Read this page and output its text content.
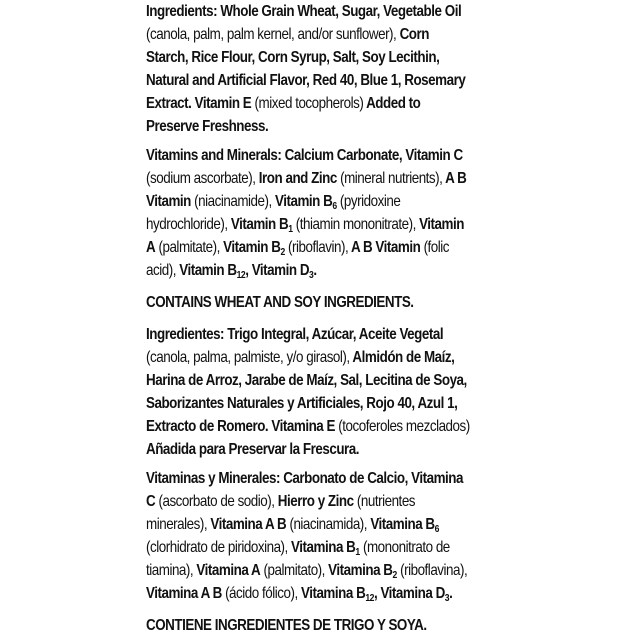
Ingredients: Whole Grain Wheat, Sugar, Vegetable Oil
(canola, palm, palm kernel, and/or sunflower), Corn
Starch, Rice Flour, Corn Syrup, Salt, Soy Lecithin,
Natural and Artificial Flavor, Red 40, Blue 1, Rosemary
Extract. Vitamin E (mixed tocopherols) Added to
Preserve Freshness.

Vitamins and Minerals: Calcium Carbonate, Vitamin C
(sodium ascorbate), Iron and Zinc (mineral nutrients), A B
Vitamin (niacinamide), Vitamin $B_6$ (pyridoxine
hydrochloride), Vitamin $B_1$ (thiamin mononitrate), Vitamin
A (palmitate), Vitamin $B_2$ (riboflavin), A B Vitamin (folic
acid), Vitamin $B_{12}$, Vitamin $D_3$.

CONTAINS WHEAT AND SOY INGREDIENTS.

Ingredientes: Trigo Integral, Azúcar, Aceite Vegetal
(canola, palma, palmiste, y/o girasol), Almidón de Maíz,
Harina de Arroz, Jarabe de Maíz, Sal, Lecitina de Soya,
Saborizantes Naturales y Artificiales, Rojo 40, Azul 1,
Extracto de Romero. Vitamina E (tocoferoles mezclados)
Añadida para Preservar la Frescura.

Vitaminas y Minerales: Carbonato de Calcio, Vitamina
C (ascorbato de sodio), Hierro y Zinc (nutrientes
minerales), Vitamina A B (niacinamida), Vitamina $B_6$
(clorhidrato de piridoxina), Vitamina $B_1$ (mononitrato de
tiamina), Vitamina A (palmitato), Vitamina $B_2$ (riboflavina),
Vitamina A B (ácido fólico), Vitamina $B_{12}$, Vitamina $D_3$.

CONTIENE INGREDIENTES DE TRIGO Y SOYA.
